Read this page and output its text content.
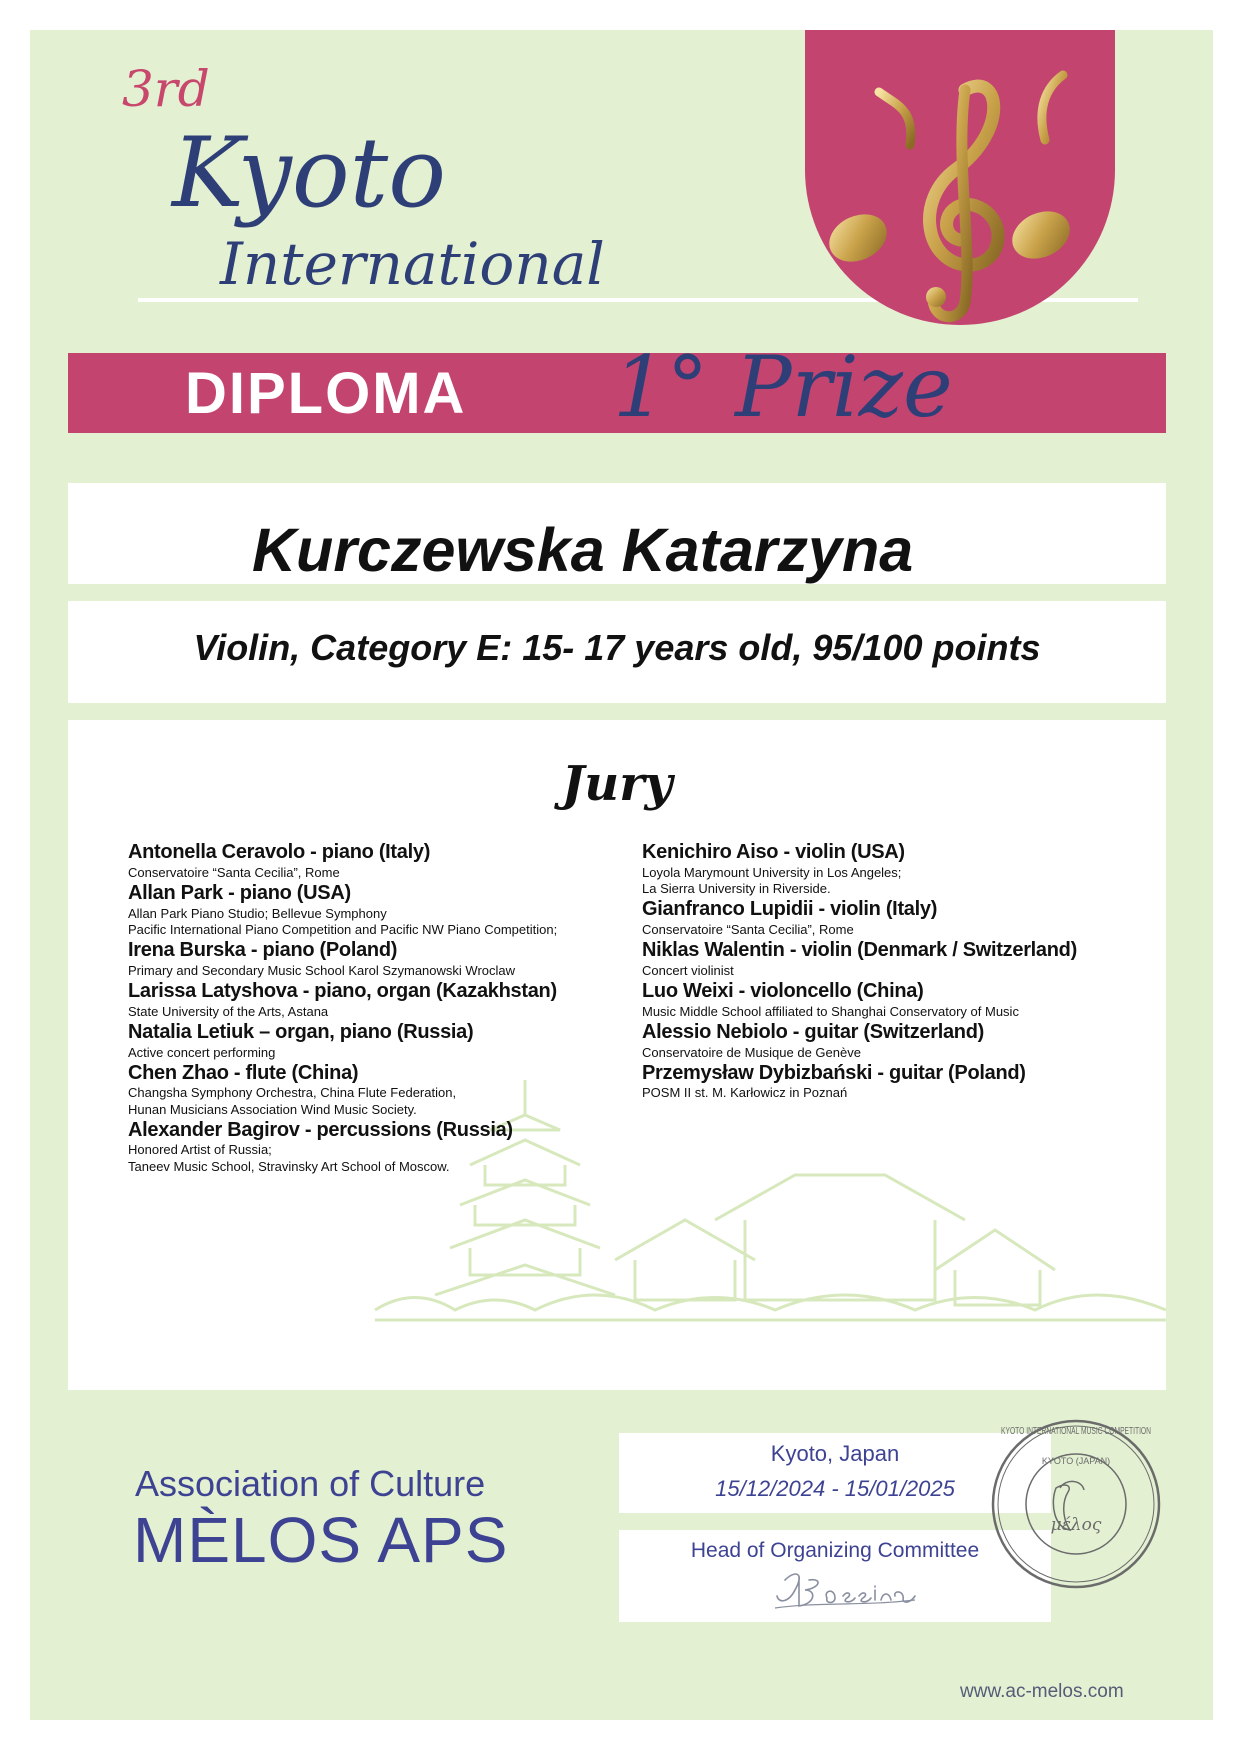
3rd
Kyoto
International
DIPLOMA 1° Prize
Kurczewska Katarzyna
Violin, Category E: 15- 17 years old, 95/100 points
Jury
Antonella Ceravolo - piano (Italy)
Conservatoire “Santa Cecilia”, Rome
Allan Park - piano (USA)
Allan Park Piano Studio; Bellevue Symphony
Pacific International Piano Competition and Pacific NW Piano Competition;
Irena Burska - piano (Poland)
Primary and Secondary Music School Karol Szymanowski Wroclaw
Larissa Latyshova - piano, organ (Kazakhstan)
State University of the Arts, Astana
Natalia Letiuk – organ, piano (Russia)
Active concert performing
Chen Zhao - flute (China)
Changsha Symphony Orchestra, China Flute Federation,
Hunan Musicians Association Wind Music Society.
Alexander Bagirov - percussions (Russia)
Honored Artist of Russia;
Taneev Music School, Stravinsky Art School of Moscow.
Kenichiro Aiso - violin (USA)
Loyola Marymount University in Los Angeles;
La Sierra University in Riverside.
Gianfranco Lupidii - violin (Italy)
Conservatoire “Santa Cecilia”, Rome
Niklas Walentin - violin (Denmark / Switzerland)
Concert violinist
Luo Weixi - violoncello (China)
Music Middle School affiliated to Shanghai Conservatory of Music
Alessio Nebiolo - guitar (Switzerland)
Conservatoire de Musique de Genève
Przemysław Dybizbański - guitar (Poland)
POSM II st. M. Karłowicz in Poznań
Association of Culture
MÈLOS APS
Kyoto, Japan
15/12/2024 - 15/01/2025
Head of Organizing Committee
μέλος
KYOTO INTERNATIONAL MUSIC COMPETITION
KYOTO (JAPAN)
www.ac-melos.com
